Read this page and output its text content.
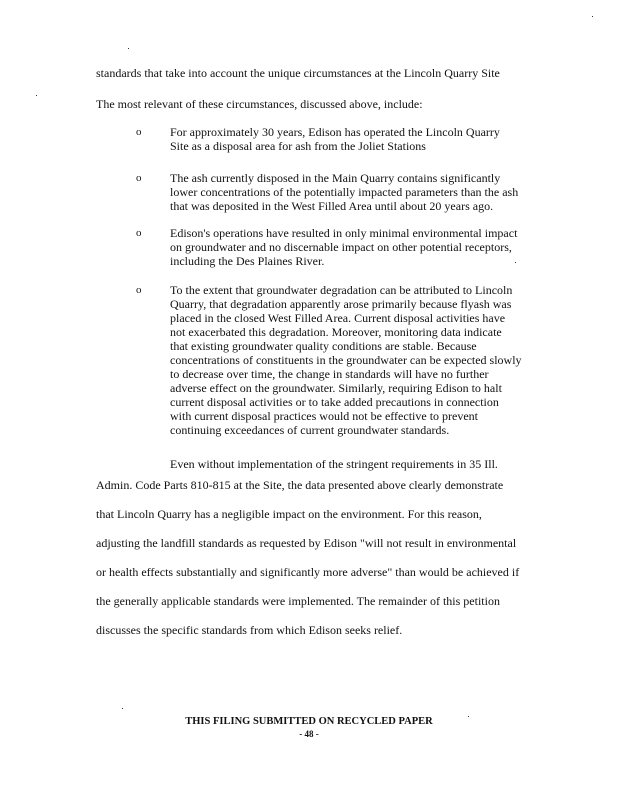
standards that take into account the unique circumstances at the Lincoln Quarry Site
The most relevant of these circumstances, discussed above, include:
o For approximately 30 years, Edison has operated the Lincoln Quarry
Site as a disposal area for ash from the Joliet Stations
o The ash currently disposed in the Main Quarry contains significantly
lower concentrations of the potentially impacted parameters than the ash
that was deposited in the West Filled Area until about 20 years ago.
o Edison's operations have resulted in only minimal environmental impact
on groundwater and no discernable impact on other potential receptors,
including the Des Plaines River.
o To the extent that groundwater degradation can be attributed to Lincoln
Quarry, that degradation apparently arose primarily because flyash was
placed in the closed West Filled Area. Current disposal activities have
not exacerbated this degradation. Moreover, monitoring data indicate
that existing groundwater quality conditions are stable. Because
concentrations of constituents in the groundwater can be expected slowly
to decrease over time, the change in standards will have no further
adverse effect on the groundwater. Similarly, requiring Edison to halt
current disposal activities or to take added precautions in connection
with current disposal practices would not be effective to prevent
continuing exceedances of current groundwater standards.
Even without implementation of the stringent requirements in 35 Ill.
Admin. Code Parts 810-815 at the Site, the data presented above clearly demonstrate
that Lincoln Quarry has a negligible impact on the environment. For this reason,
adjusting the landfill standards as requested by Edison "will not result in environmental
or health effects substantially and significantly more adverse" than would be achieved if
the generally applicable standards were implemented. The remainder of this petition
discusses the specific standards from which Edison seeks relief.
THIS FILING SUBMITTED ON RECYCLED PAPER
- 48 -
